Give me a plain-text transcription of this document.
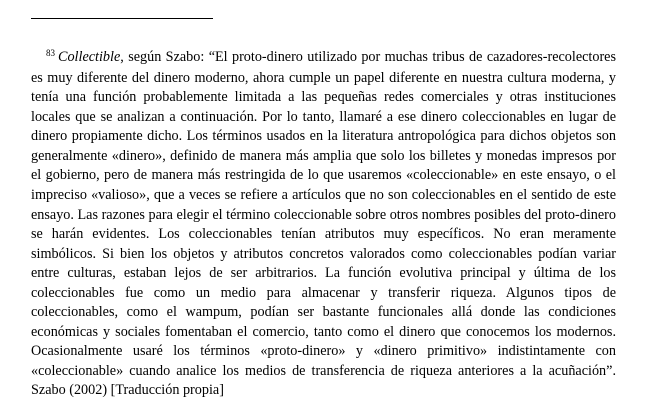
$^{83}$ Collectible, según Szabo: “El proto-dinero utilizado por muchas tribus de cazadores-recolectores es muy diferente del dinero moderno, ahora cumple un papel diferente en nuestra cultura moderna, y tenía una función probablemente limitada a las pequeñas redes comerciales y otras instituciones locales que se analizan a continuación. Por lo tanto, llamaré a ese dinero coleccionables en lugar de dinero propiamente dicho. Los términos usados en la literatura antropológica para dichos objetos son generalmente «dinero», definido de manera más amplia que solo los billetes y monedas impresos por el gobierno, pero de manera más restringida de lo que usaremos «coleccionable» en este ensayo, o el impreciso «valioso», que a veces se refiere a artículos que no son coleccionables en el sentido de este ensayo. Las razones para elegir el término coleccionable sobre otros nombres posibles del proto-dinero se harán evidentes. Los coleccionables tenían atributos muy específicos. No eran meramente simbólicos. Si bien los objetos y atributos concretos valorados como coleccionables podían variar entre culturas, estaban lejos de ser arbitrarios. La función evolutiva principal y última de los coleccionables fue como un medio para almacenar y transferir riqueza. Algunos tipos de coleccionables, como el wampum, podían ser bastante funcionales allá donde las condiciones económicas y sociales fomentaban el comercio, tanto como el dinero que conocemos los modernos. Ocasionalmente usaré los términos «proto-dinero» y «dinero primitivo» indistintamente con «coleccionable» cuando analice los medios de transferencia de riqueza anteriores a la acuñación”. Szabo (2002) [Traducción propia]
